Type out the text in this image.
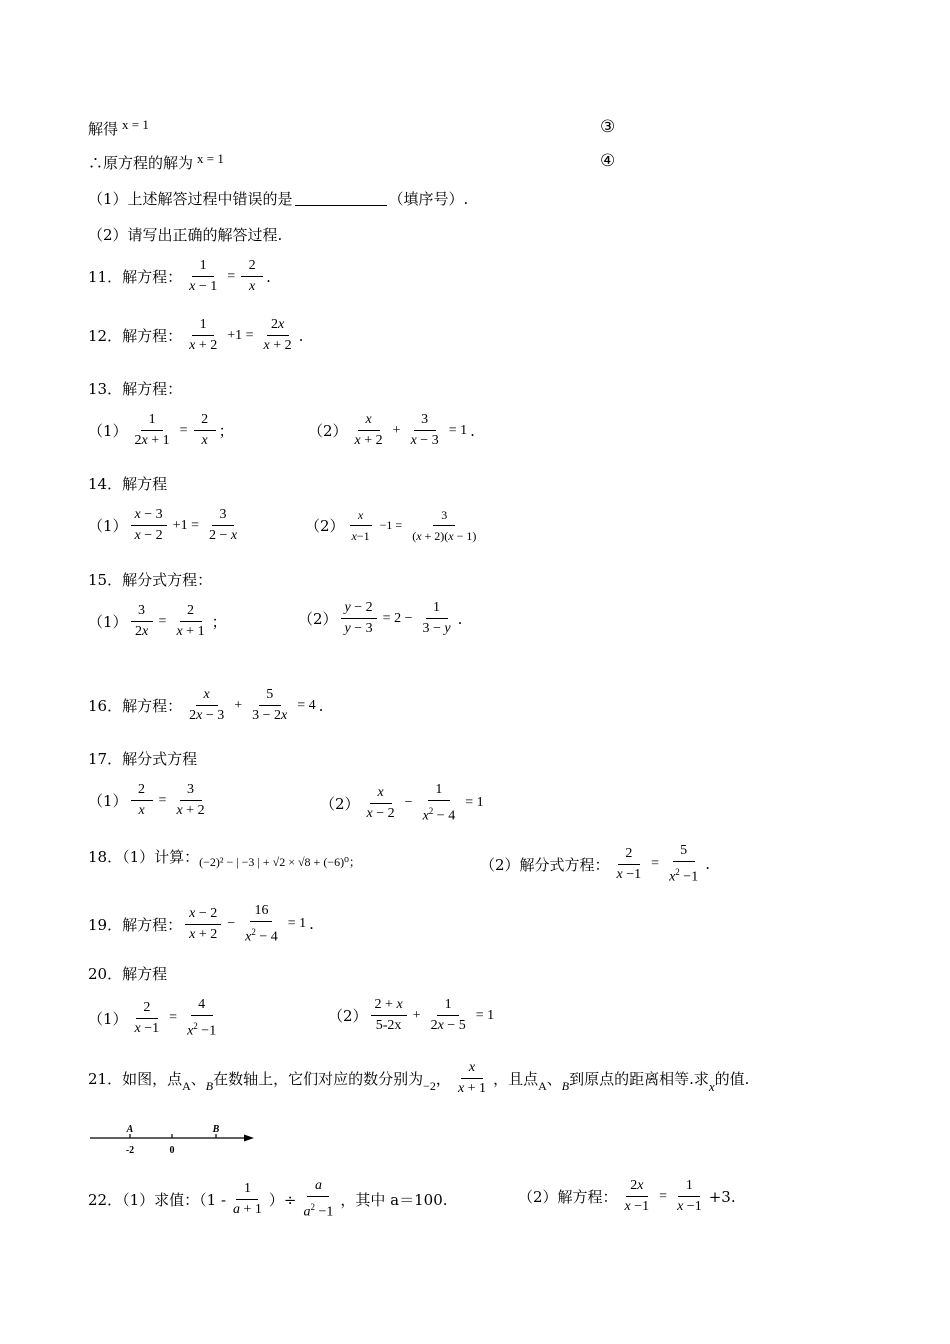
解得 x = 1	③
∴原方程的解为 x = 1	④
（1）上述解答过程中错误的是	（填序号）.
（2）请写出正确的解答过程.
11．解方程： $\frac{1}{x - 1} = \frac{2}{x}$ .
12．解方程： $\frac{1}{x + 2} +1 = \frac{2x}{x + 2}$ .
13．解方程：
$(1) \frac{1}{2x + 1} = \frac{2}{x}$ ；	$(2) \frac{x}{x + 2} + \frac{3}{x - 3} = 1$ .
14．解方程
$(1) \frac{x - 3}{x - 2} +1 = \frac{3}{2 - x}$	$(2) \frac{x}{x-1} -1 = \frac{3}{(x + 2)(x - 1)}$
15．解分式方程：
$(1) \frac{3}{2x} = \frac{2}{x + 1}$ ；	$(2) \frac{y - 2}{y - 3} = 2 - \frac{1}{3 - y}$ .
16．解方程： $\frac{x}{2x - 3} + \frac{5}{3 - 2x} = 4$ .
17．解分式方程
$(1) \frac{2}{x} = \frac{3}{x + 2}$	$(2) \frac{x}{x - 2} - \frac{1}{x^2 - 4} = 1$
18．（1）计算： (−2)² − | −3 | + √2 × √8 + (−6)⁰；	（2）解分式方程： $\frac{2}{x -1} = \frac{5}{x^2 -1}$ .
19．解方程： $\frac{x - 2}{x + 2} - \frac{16}{x^2 - 4} = 1$ .
20．解方程
$(1) \frac{2}{x -1} = \frac{4}{x^2 -1}$	$(2) \frac{2 + x}{5-2x} + \frac{1}{2x - 5} = 1$
21．如图，点 A 、 B 在数轴上，它们对应的数分别为 −2 ， $\frac{x}{x + 1}$ ，且点 A 、 B 到原点的距离相等.求 x 的值.
A	B
-2	0
22．（1）求值：（$1 - \frac{1}{a + 1}$ ）÷ $\frac{a}{a^2 -1}$ ，其中 a＝100.	（2）解方程： $\frac{2x}{x -1} = \frac{1}{x -1} +3$.
